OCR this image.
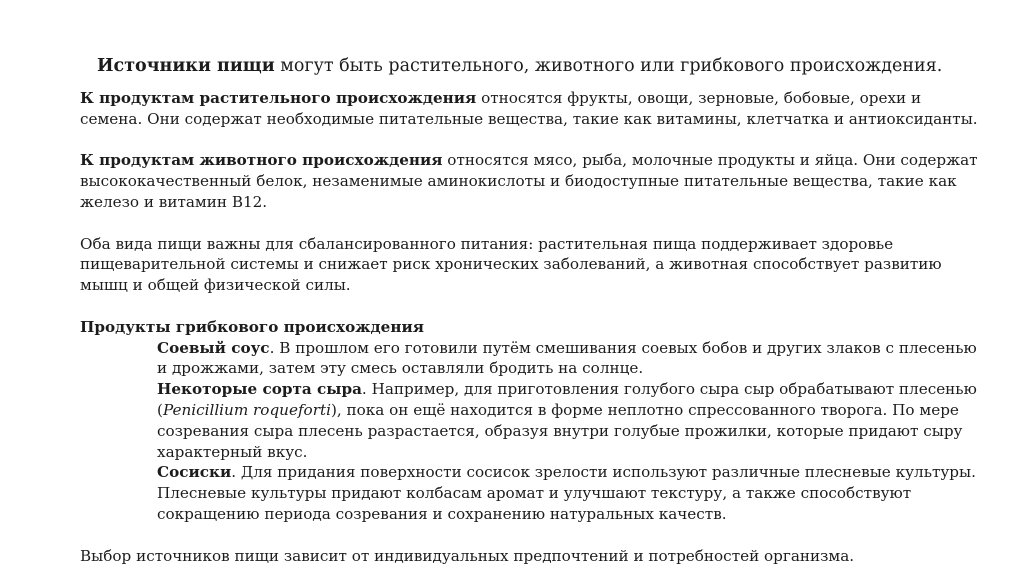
Источники пищи могут быть растительного, животного или грибкового происхождения.

К продуктам растительного происхождения относятся фрукты, овощи, зерновые, бобовые, орехи и семена. Они содержат необходимые питательные вещества, такие как витамины, клетчатка и антиоксиданты.

К продуктам животного происхождения относятся мясо, рыба, молочные продукты и яйца. Они содержат высококачественный белок, незаменимые аминокислоты и биодоступные питательные вещества, такие как железо и витамин В12.

Оба вида пищи важны для сбалансированного питания: растительная пища поддерживает здоровье пищеварительной системы и снижает риск хронических заболеваний, а животная способствует развитию мышц и общей физической силы.

Продукты грибкового происхождения

Соевый соус. В прошлом его готовили путём смешивания соевых бобов и других злаков с плесенью и дрожжами, затем эту смесь оставляли бродить на солнце.

Некоторые сорта сыра. Например, для приготовления голубого сыра сыр обрабатывают плесенью (Penicillium roqueforti), пока он ещё находится в форме неплотно спрессованного творога. По мере созревания сыра плесень разрастается, образуя внутри голубые прожилки, которые придают сыру характерный вкус.

Сосиски. Для придания поверхности сосисок зрелости используют различные плесневые культуры. Плесневые культуры придают колбасам аромат и улучшают текстуру, а также способствуют сокращению периода созревания и сохранению натуральных качеств.

Выбор источников пищи зависит от индивидуальных предпочтений и потребностей организма.
